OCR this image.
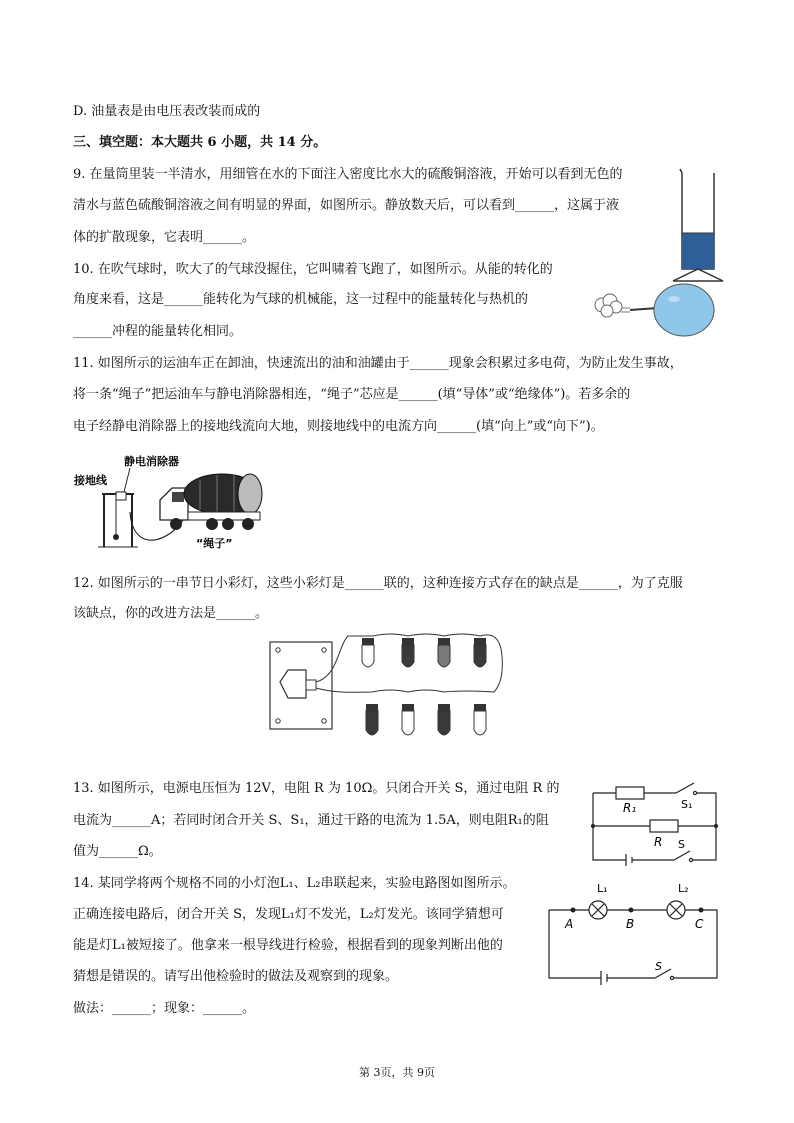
D. 油量表是由电压表改装而成的
三、填空题：本大题共 6 小题，共 14 分。
9. 在量筒里装一半清水，用细管在水的下面注入密度比水大的硫酸铜溶液，开始可以看到无色的
清水与蓝色硫酸铜溶液之间有明显的界面，如图所示。静放数天后，可以看到______，这属于液
体的扩散现象，它表明______。
10. 在吹气球时，吹大了的气球没握住，它叫啸着飞跑了，如图所示。从能的转化的
角度来看，这是______能转化为气球的机械能，这一过程中的能量转化与热机的
______冲程的能量转化相同。
11. 如图所示的运油车正在卸油，快速流出的油和油罐由于______现象会积累过多电荷，为防止发生事故，
将一条“绳子”把运油车与静电消除器相连，“绳子”芯应是______(填“导体”或“绝缘体”)。若多余的
电子经静电消除器上的接地线流向大地，则接地线中的电流方向______(填“向上”或“向下”)。
12. 如图所示的一串节日小彩灯，这些小彩灯是______联的，这种连接方式存在的缺点是______，为了克服
该缺点，你的改进方法是______。
13. 如图所示，电源电压恒为 12V，电阻 R 为 10Ω。只闭合开关 S，通过电阻 R 的
电流为______A；若同时闭合开关 S、S₁，通过干路的电流为 1.5A，则电阻R₁的阻
值为______Ω。
14. 某同学将两个规格不同的小灯泡L₁、L₂串联起来，实验电路图如图所示。
正确连接电路后，闭合开关 S，发现L₁灯不发光，L₂灯发光。该同学猜想可
能是灯L₁被短接了。他拿来一根导线进行检验，根据看到的现象判断出他的
猜想是错误的。请写出他检验时的做法及观察到的现象。
做法：______；现象：______。
接地线
静电消除器
“绳子”
R₁	S₁
R S
L₁	L₂
A	B	C
S
第 3页，共 9页
